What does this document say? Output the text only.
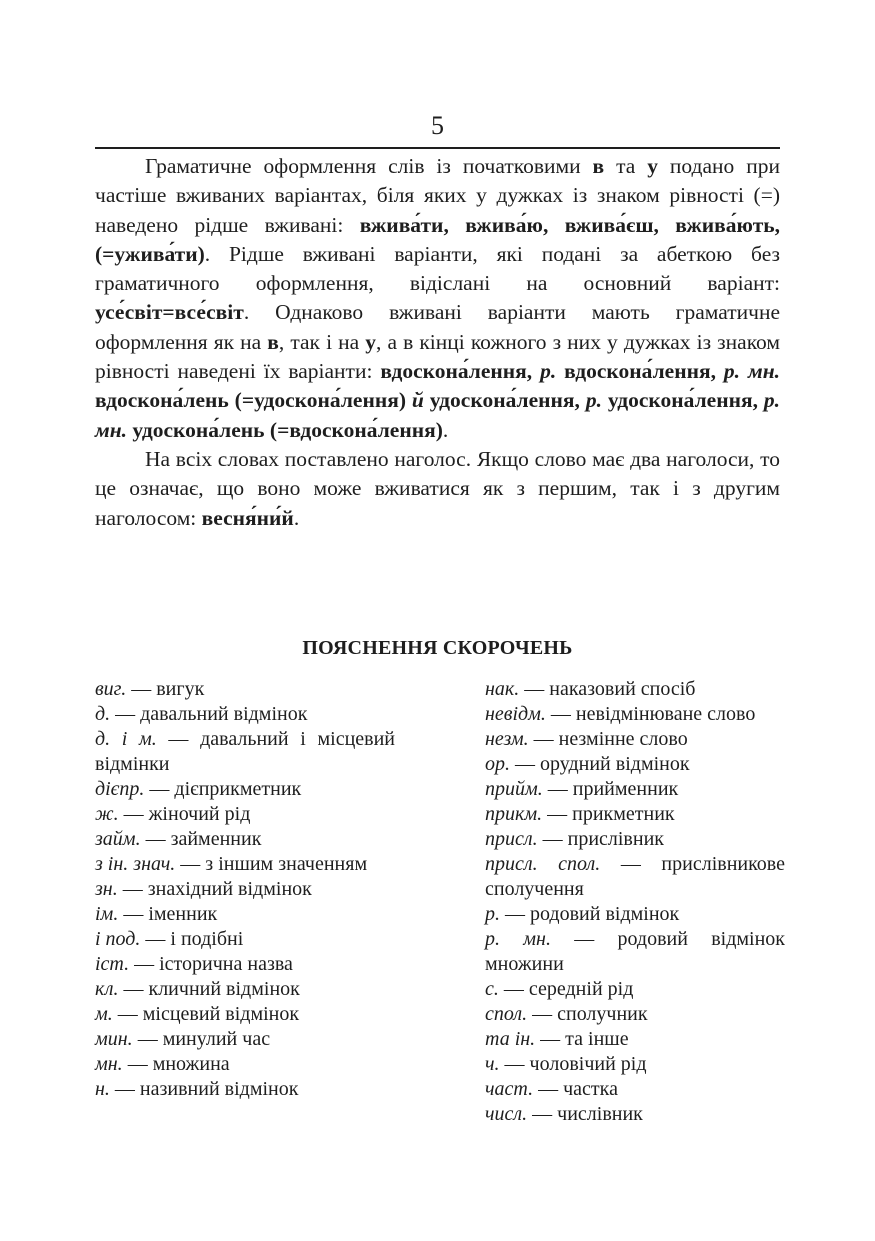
5

Граматичне оформлення слів із початковими в та у подано при частіше вживаних варіантах, біля яких у дужках із знаком рівності (=) наведено рідше вживані: вжива́ти, вжива́ю, вжива́єш, вжива́ють, (=ужива́ти). Рідше вживані варіанти, які подані за абеткою без граматичного оформлення, відіслані на основний варіант: усе́світ=все́світ. Однаково вживані варіанти мають граматичне оформлення як на в, так і на у, а в кінці кожного з них у дужках із знаком рівності наведені їх варіанти: вдоскона́лення, р. вдоскона́лення, р. мн. вдоскона́лень (=удоскона́лення) й удоскона́лення, р. удоскона́лення, р. мн. удоскона́лень (=вдоскона́лення).

На всіх словах поставлено наголос. Якщо слово має два наголоси, то це означає, що воно може вживатися як з першим, так і з другим наголосом: весня́ни́й.

ПОЯСНЕННЯ СКОРОЧЕНЬ

виг. — вигук

д. — давальний відмінок

д. і м. — давальний і місцевий відмінки

дієпр. — дієприкметник

ж. — жіночий рід

займ. — займенник

з ін. знач. — з іншим значенням

зн. — знахідний відмінок

ім. — іменник

і под. — і подібні

іст. — історична назва

кл. — кличний відмінок

м. — місцевий відмінок

мин. — минулий час

мн. — множина

н. — називний відмінок

нак. — наказовий спосіб

невідм. — невідмінюване слово

незм. — незмінне слово

ор. — орудний відмінок

прийм. — прийменник

прикм. — прикметник

присл. — прислівник

присл. спол. — прислівникове сполучення

р. — родовий відмінок

р. мн. — родовий відмінок множини

с. — середній рід

спол. — сполучник

та ін. — та інше

ч. — чоловічий рід

част. — частка

числ. — числівник
